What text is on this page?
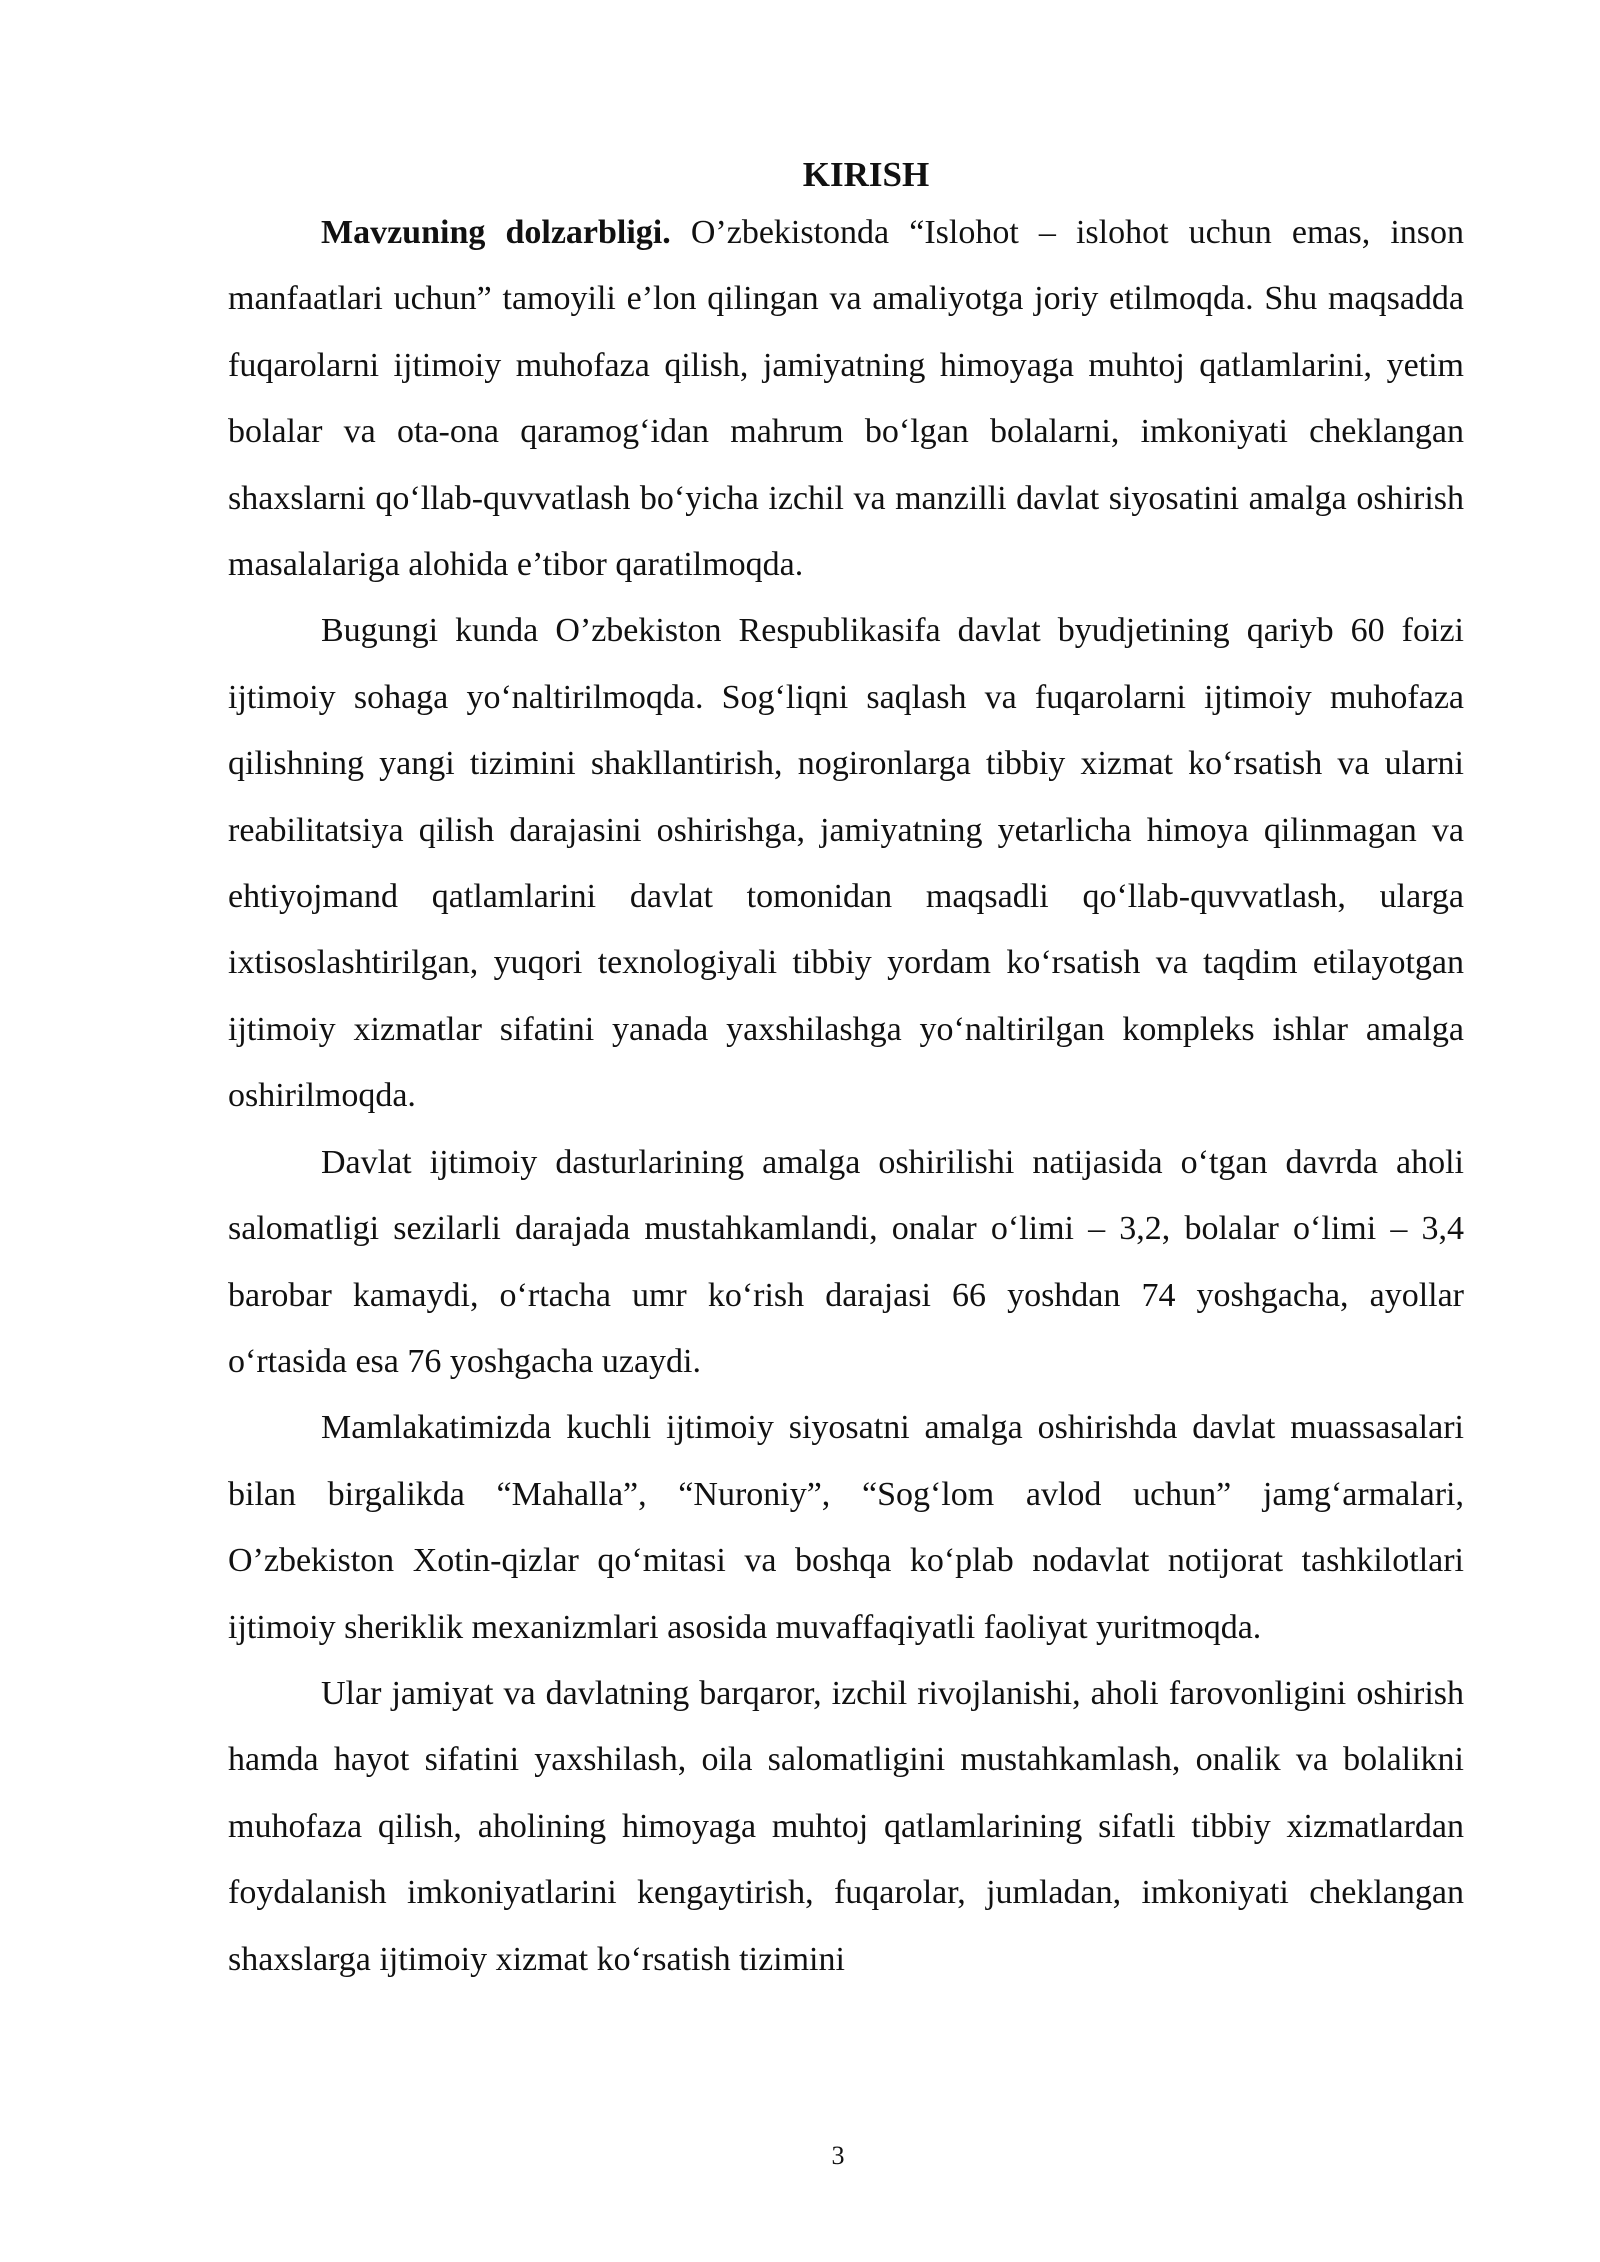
KIRISH

Mavzuning dolzarbligi. O’zbekistonda “Islohot – islohot uchun emas, inson manfaatlari uchun” tamoyili e’lon qilingan va amaliyotga joriy etilmoqda. Shu maqsadda fuqarolarni ijtimoiy muhofaza qilish, jamiyatning himoyaga muhtoj qatlamlarini, yetim bolalar va ota-ona qaramog‘idan mahrum bo‘lgan bolalarni, imkoniyati cheklangan shaxslarni qo‘llab-quvvatlash bo‘yicha izchil va manzilli davlat siyosatini amalga oshirish masalalariga alohida e’tibor qaratilmoqda.

Bugungi kunda O’zbekiston Respublikasifa davlat byudjetining qariyb 60 foizi ijtimoiy sohaga yo‘naltirilmoqda. Sog‘liqni saqlash va fuqarolarni ijtimoiy muhofaza qilishning yangi tizimini shakllantirish, nogironlarga tibbiy xizmat ko‘rsatish va ularni reabilitatsiya qilish darajasini oshirishga, jamiyatning yetarlicha himoya qilinmagan va ehtiyojmand qatlamlarini davlat tomonidan maqsadli qo‘llab-quvvatlash, ularga ixtisoslashtirilgan, yuqori texnologiyali tibbiy yordam ko‘rsatish va taqdim etilayotgan ijtimoiy xizmatlar sifatini yanada yaxshilashga yo‘naltirilgan kompleks ishlar amalga oshirilmoqda.

Davlat ijtimoiy dasturlarining amalga oshirilishi natijasida o‘tgan davrda aholi salomatligi sezilarli darajada mustahkamlandi, onalar o‘limi – 3,2, bolalar o‘limi – 3,4 barobar kamaydi, o‘rtacha umr ko‘rish darajasi 66 yoshdan 74 yoshgacha, ayollar o‘rtasida esa 76 yoshgacha uzaydi.

Mamlakatimizda kuchli ijtimoiy siyosatni amalga oshirishda davlat muassasalari bilan birgalikda “Mahalla”, “Nuroniy”, “Sog‘lom avlod uchun” jamg‘armalari, O’zbekiston Xotin-qizlar qo‘mitasi va boshqa ko‘plab nodavlat notijorat tashkilotlari ijtimoiy sheriklik mexanizmlari asosida muvaffaqiyatli faoliyat yuritmoqda.

Ular jamiyat va davlatning barqaror, izchil rivojlanishi, aholi farovonligini oshirish hamda hayot sifatini yaxshilash, oila salomatligini mustahkamlash, onalik va bolalikni muhofaza qilish, aholining himoyaga muhtoj qatlamlarining sifatli tibbiy xizmatlardan foydalanish imkoniyatlarini kengaytirish, fuqarolar, jumladan, imkoniyati cheklangan shaxslarga ijtimoiy xizmat ko‘rsatish tizimini

3
